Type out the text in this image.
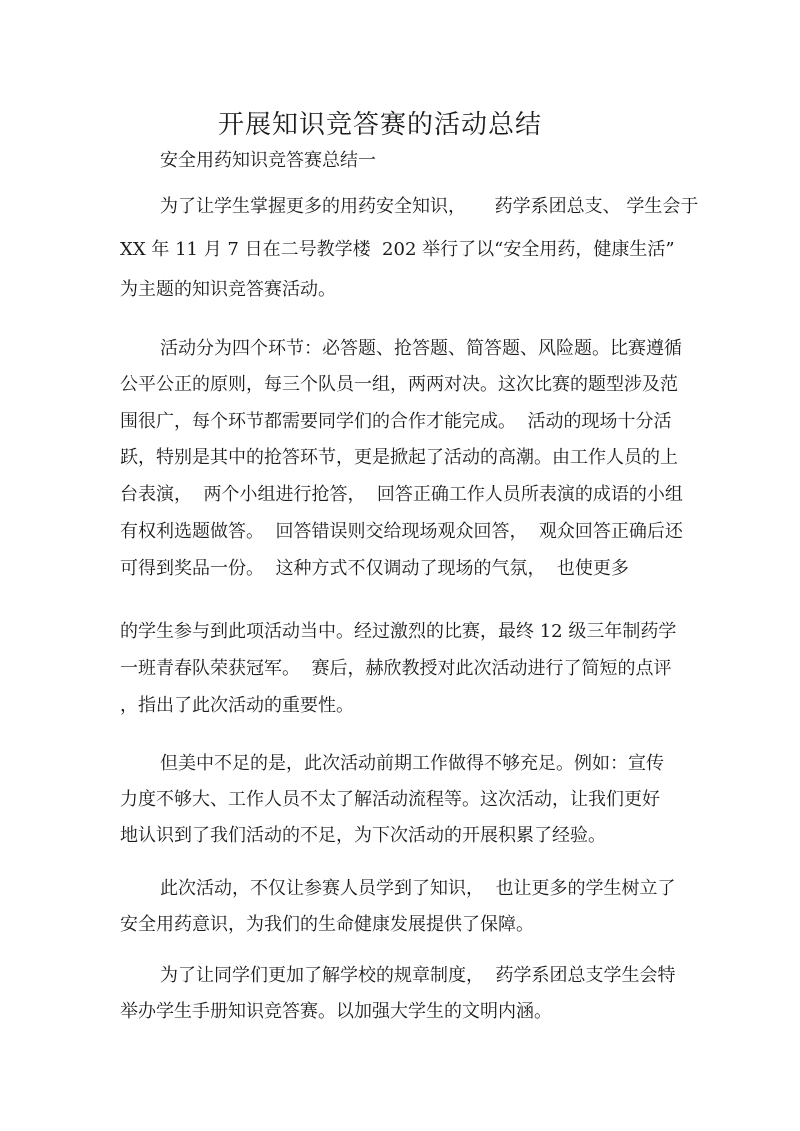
开展知识竞答赛的活动总结
安全用药知识竞答赛总结一
为了让学生掌握更多的用药安全知识，     药学系团总支、 学生会于
XX 年 11 月 7 日在二号教学楼  202 举行了以“安全用药，健康生活”
为主题的知识竞答赛活动。
活动分为四个环节：必答题、抢答题、简答题、风险题。比赛遵循
公平公正的原则，每三个队员一组，两两对决。这次比赛的题型涉及范
围很广，每个环节都需要同学们的合作才能完成。  活动的现场十分活
跃，特别是其中的抢答环节，更是掀起了活动的高潮。由工作人员的上
台表演，  两个小组进行抢答，  回答正确工作人员所表演的成语的小组
有权利选题做答。  回答错误则交给现场观众回答，  观众回答正确后还
可得到奖品一份。  这种方式不仅调动了现场的气氛，  也使更多
的学生参与到此项活动当中。经过激烈的比赛，最终 12 级三年制药学
一班青春队荣获冠军。  赛后，赫欣教授对此次活动进行了简短的点评
，指出了此次活动的重要性。
但美中不足的是，此次活动前期工作做得不够充足。例如：宣传
力度不够大、工作人员不太了解活动流程等。这次活动，让我们更好
地认识到了我们活动的不足，为下次活动的开展积累了经验。
此次活动，不仅让参赛人员学到了知识，  也让更多的学生树立了
安全用药意识，为我们的生命健康发展提供了保障。
为了让同学们更加了解学校的规章制度，  药学系团总支学生会特
举办学生手册知识竞答赛。以加强大学生的文明内涵。
